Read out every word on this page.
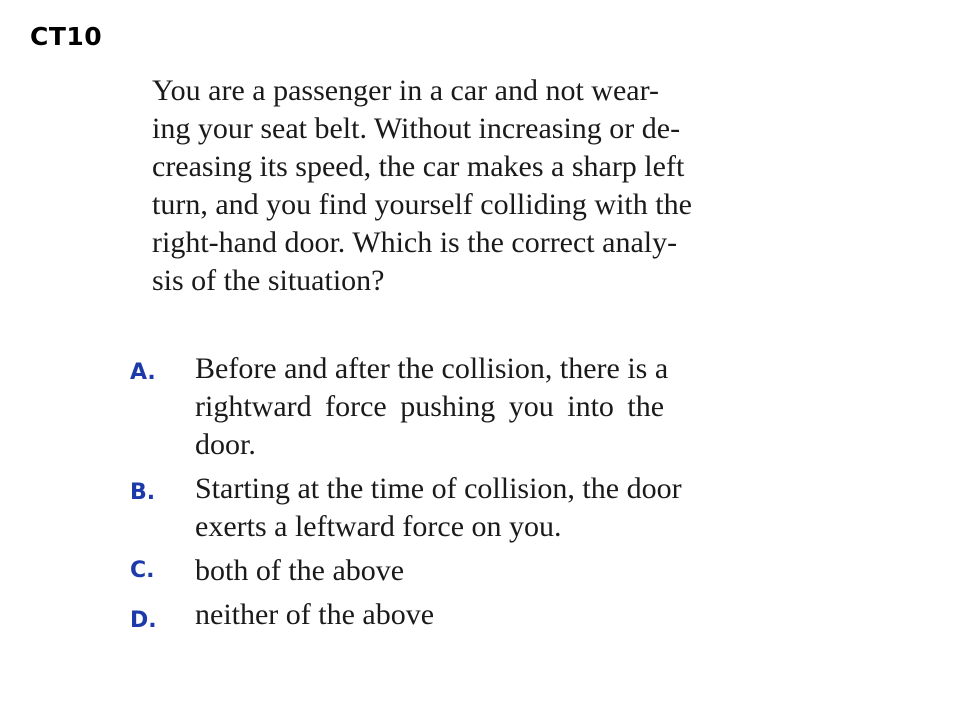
CT10
You are a passenger in a car and not wear-
ing your seat belt. Without increasing or de-
creasing its speed, the car makes a sharp left
turn, and you find yourself colliding with the
right-hand door. Which is the correct analy-
sis of the situation?
A. Before and after the collision, there is a
rightward force pushing you into the
door.
B. Starting at the time of collision, the door
exerts a leftward force on you.
C. both of the above
D. neither of the above
